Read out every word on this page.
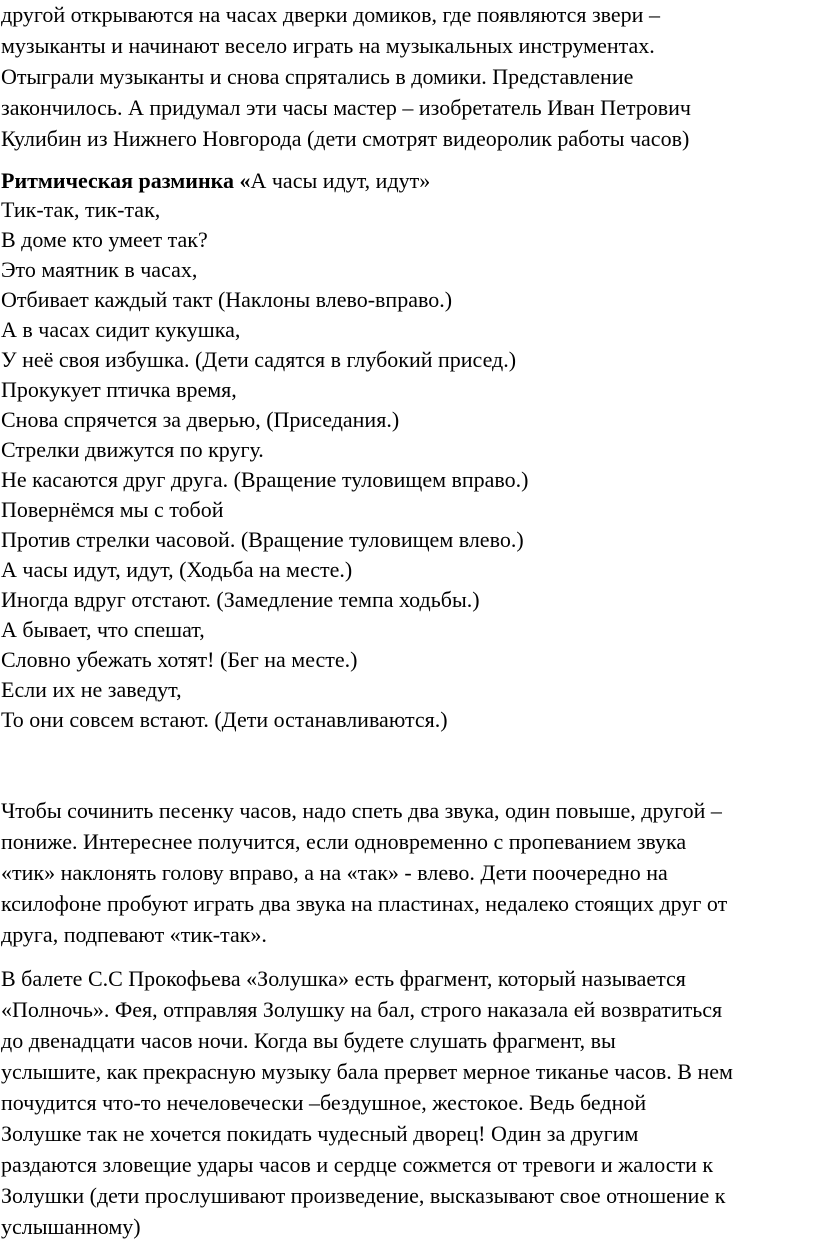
другой открываются на часах дверки домиков, где появляются звери –
музыканты и начинают весело играть на музыкальных инструментах.
Отыграли музыканты и снова спрятались в домики. Представление
закончилось. А придумал эти часы мастер – изобретатель Иван Петрович
Кулибин из Нижнего Новгорода (дети смотрят видеоролик работы часов)
Ритмическая разминка «А часы идут, идут»
Тик-так, тик-так,
В доме кто умеет так?
Это маятник в часах,
Отбивает каждый такт (Наклоны влево-вправо.)
А в часах сидит кукушка,
У неё своя избушка. (Дети садятся в глубокий присед.)
Прокукует птичка время,
Снова спрячется за дверью, (Приседания.)
Стрелки движутся по кругу.
Не касаются друг друга. (Вращение туловищем вправо.)
Повернёмся мы с тобой
Против стрелки часовой. (Вращение туловищем влево.)
А часы идут, идут, (Ходьба на месте.)
Иногда вдруг отстают. (Замедление темпа ходьбы.)
А бывает, что спешат,
Словно убежать хотят! (Бег на месте.)
Если их не заведут,
То они совсем встают. (Дети останавливаются.)
Чтобы сочинить песенку часов, надо спеть два звука, один повыше, другой –
пониже. Интереснее получится, если одновременно с пропеванием звука
«тик» наклонять голову вправо, а на «так» - влево. Дети поочередно на
ксилофоне пробуют играть два звука на пластинах, недалеко стоящих друг от
друга, подпевают «тик-так».
В балете С.С Прокофьева «Золушка» есть фрагмент, который называется
«Полночь». Фея, отправляя Золушку на бал, строго наказала ей возвратиться
до двенадцати часов ночи. Когда вы будете слушать фрагмент, вы
услышите, как прекрасную музыку бала прервет мерное тиканье часов. В нем
почудится что-то нечеловечески –бездушное, жестокое. Ведь бедной
Золушке так не хочется покидать чудесный дворец! Один за другим
раздаются зловещие удары часов и сердце сожмется от тревоги и жалости к
Золушки (дети прослушивают произведение, высказывают свое отношение к
услышанному)
